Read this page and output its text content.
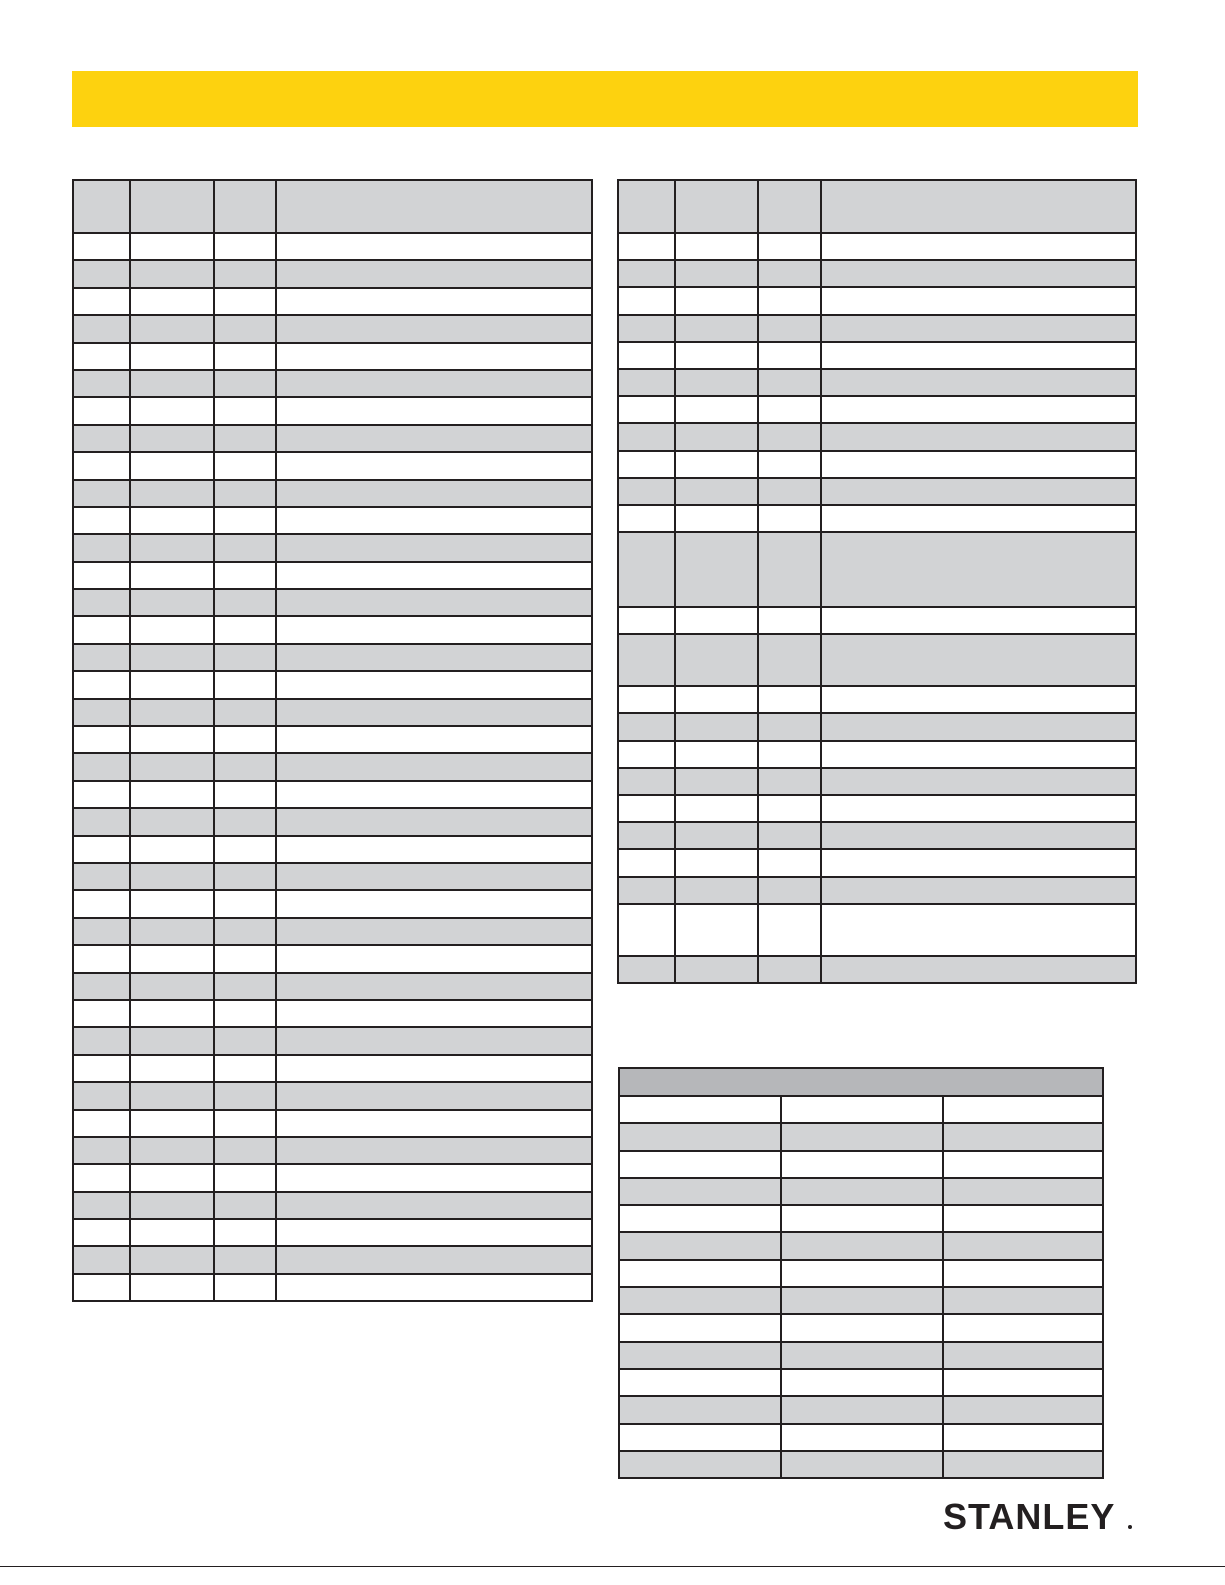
STANLEY
